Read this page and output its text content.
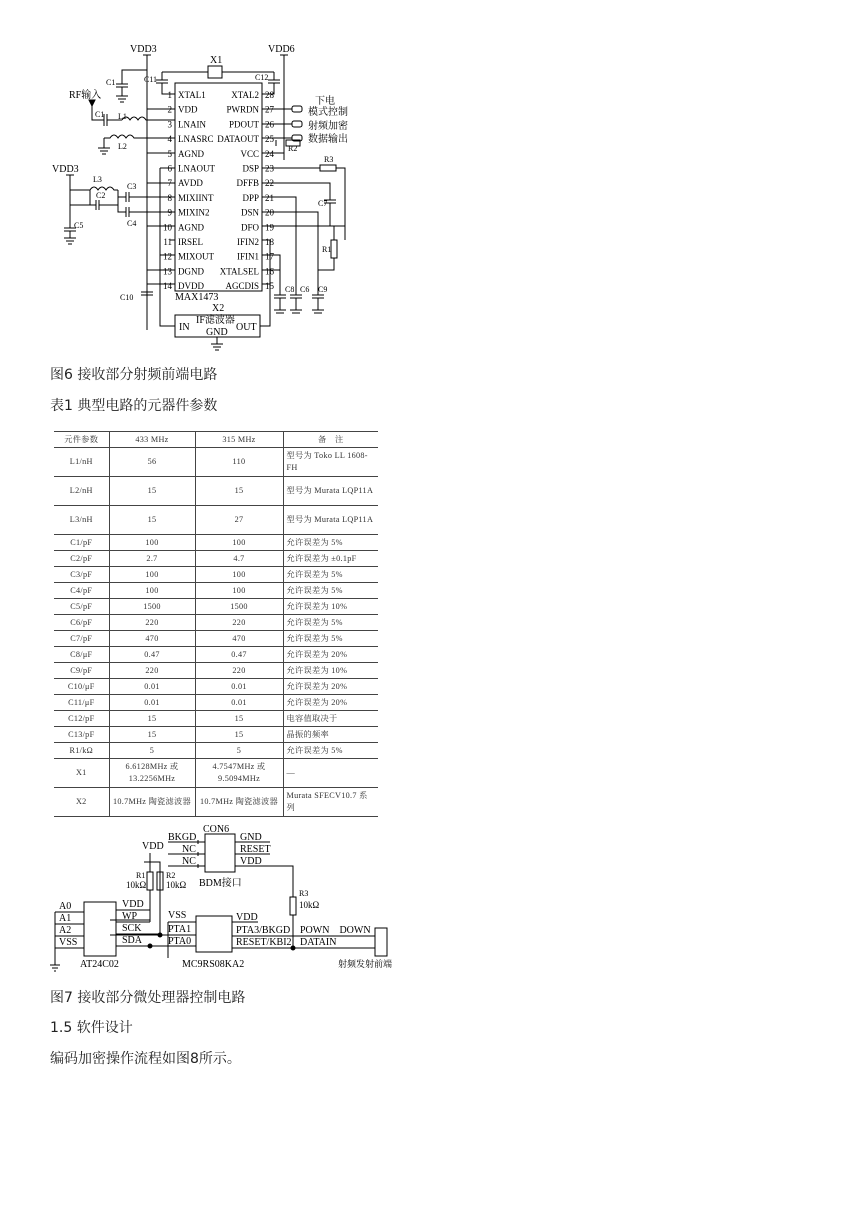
VDD3	VDD6
X1
C11	C12
C1
RF输入
C1 L1
L2
VDD3
L3
C2
C3
C4
C5
C10	MAX1473
X2
IF滤波器
IN	OUT
GND
R2
R3
C7
R1
C8 C6 C9
下电
模式控制
射频加密
数据输出
1 XTAL1
2 VDD
3 LNAIN
4 LNASRC
5 AGND
6 LNAOUT
7 AVDD
8 MIXIINT
9 MIXIN2
10 AGND
11 IRSEL
12 MIXOUT
13 DGND
14 DVDD
28
XTAL2
27
PWRDN
26
PDOUT
25
DATAOUT
24
VCC
23
DSP
22
DFFB
21
DPP
20
DSN
19
DFO
18
IFIN2
17
IFIN1
16
XTALSEL
15
AGCDIS
图6 接收部分射频前端电路
表1 典型电路的元器件参数
元件参数	433 MHz	315 MHz	备　注
L1/nH	56	110	型号为 Toko LL 1608-FH
L2/nH	15	15	型号为 Murata LQP11A
L3/nH	15	27	型号为 Murata LQP11A
C1/pF	100	100	允许误差为 5%
C2/pF	2.7	4.7	允许误差为 ±0.1pF
C3/pF	100	100	允许误差为 5%
C4/pF	100	100	允许误差为 5%
C5/pF	1500	1500	允许误差为 10%
C6/pF	220	220	允许误差为 5%
C7/pF	470	470	允许误差为 5%
C8/μF	0.47	0.47	允许误差为 20%
C9/pF	220	220	允许误差为 10%
C10/μF	0.01	0.01	允许误差为 20%
C11/μF	0.01	0.01	允许误差为 20%
C12/pF	15	15	电容值取决于
C13/pF	15	15	晶振的频率
R1/kΩ	5	5	允许误差为 5%
X1	6.6128MHz 或 13.2256MHz	4.7547MHz 或 9.5094MHz	—
X2	10.7MHz 陶瓷滤波器	10.7MHz 陶瓷滤波器	Murata SFECV10.7 系列
CON6
BKGD
NC
NC
GND
RESET
VDD
BDM接口
VDD
R1
10kΩ
R2
10kΩ
R3
10kΩ
A0
A1
A2
VSS
AT24C02
VDD
WP
SCK
SDA
VSS
PTA1
PTA0
VDD
PTA3/BKGD
RESET/KBI2
MC9RS08KA2
POWN　DOWN
DATAIN
射频发射前端
图7 接收部分微处理器控制电路
1.5 软件设计
编码加密操作流程如图8所示。
